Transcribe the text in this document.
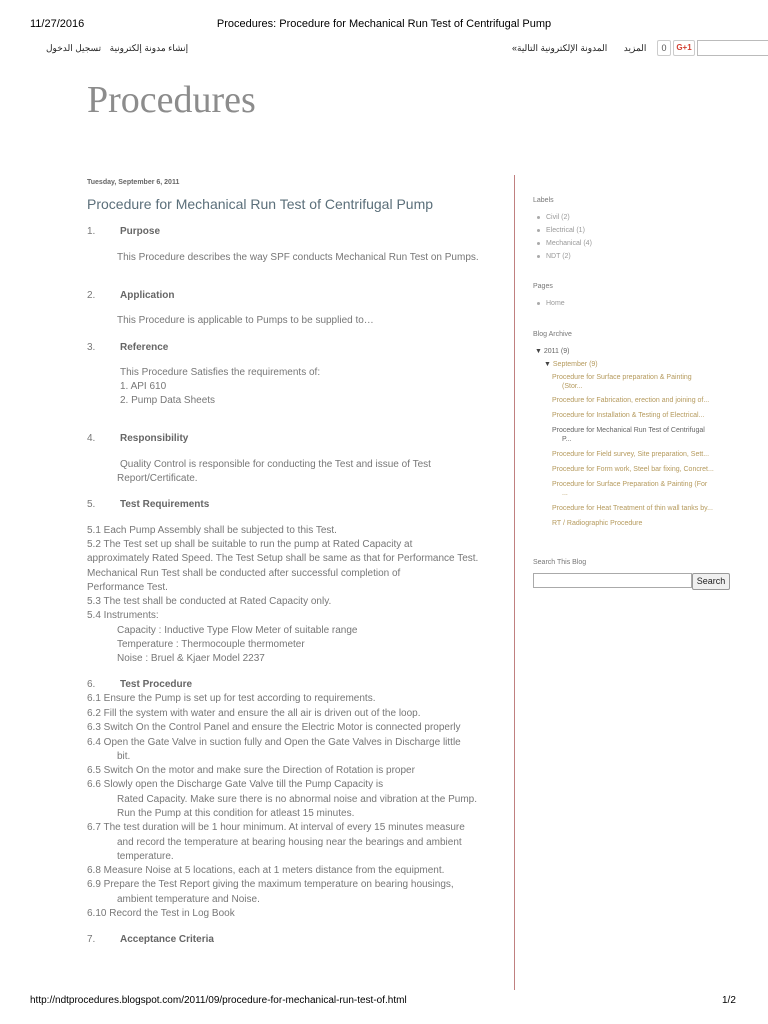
11/27/2016	Procedures: Procedure for Mechanical Run Test of Centrifugal Pump
http://ndtprocedures.blogspot.com/2011/09/procedure-for-mechanical-run-test-of.html	1/2
إنشاء مدونة إلكترونية تسجيل الدخول	المزيد المدونة الإلكترونية التالية»	0	G+1
Procedures
Tuesday, September 6, 2011
Procedure for Mechanical Run Test of Centrifugal Pump
1. Purpose
This Procedure describes the way SPF conducts Mechanical Run Test on Pumps.
2. Application
This Procedure is applicable to Pumps to be supplied to…
3. Reference
This Procedure Satisfies the requirements of:
1. API 610
2. Pump Data Sheets
4. Responsibility
Quality Control is responsible for conducting the Test and issue of Test
Report/Certificate.
5. Test Requirements
5.1 Each Pump Assembly shall be subjected to this Test.
5.2 The Test set up shall be suitable to run the pump at Rated Capacity at
approximately Rated Speed. The Test Setup shall be same as that for Performance Test.
Mechanical Run Test shall be conducted after successful completion of
Performance Test.
5.3 The test shall be conducted at Rated Capacity only.
5.4 Instruments:
Capacity : Inductive Type Flow Meter of suitable range
Temperature : Thermocouple thermometer
Noise : Bruel & Kjaer Model 2237
6. Test Procedure
6.1 Ensure the Pump is set up for test according to requirements.
6.2 Fill the system with water and ensure the all air is driven out of the loop.
6.3 Switch On the Control Panel and ensure the Electric Motor is connected properly
6.4 Open the Gate Valve in suction fully and Open the Gate Valves in Discharge little
bit.
6.5 Switch On the motor and make sure the Direction of Rotation is proper
6.6 Slowly open the Discharge Gate Valve till the Pump Capacity is
Rated Capacity. Make sure there is no abnormal noise and vibration at the Pump.
Run the Pump at this condition for atleast 15 minutes.
6.7 The test duration will be 1 hour minimum. At interval of every 15 minutes measure
and record the temperature at bearing housing near the bearings and ambient
temperature.
6.8 Measure Noise at 5 locations, each at 1 meters distance from the equipment.
6.9 Prepare the Test Report giving the maximum temperature on bearing housings,
ambient temperature and Noise.
6.10 Record the Test in Log Book
7. Acceptance Criteria
Labels
Civil (2)
Electrical (1)
Mechanical (4)
NDT (2)
Pages
Home
Blog Archive
▼ 2011 (9)
▼ September (9)
Procedure for Surface preparation & Painting
(Stor...
Procedure for Fabrication, erection and joining of...
Procedure for Installation & Testing of Electrical...
Procedure for Mechanical Run Test of Centrifugal
P...
Procedure for Field survey, Site preparation, Sett...
Procedure for Form work, Steel bar fixing, Concret...
Procedure for Surface Preparation & Painting (For
...
Procedure for Heat Treatment of thin wall tanks by...
RT / Radiographic Procedure
Search This Blog
Search
